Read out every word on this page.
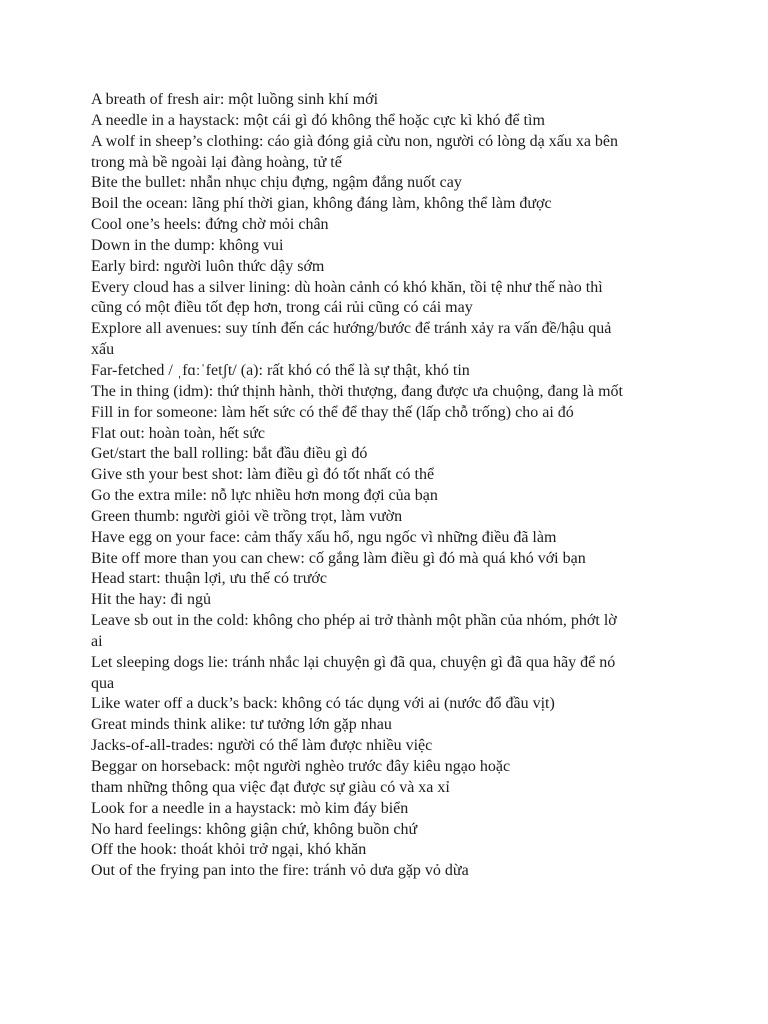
A breath of fresh air: một luồng sinh khí mới
A needle in a haystack: một cái gì đó không thể hoặc cực kì khó để tìm
A wolf in sheep’s clothing: cáo già đóng giả cừu non, người có lòng dạ xấu xa bên
trong mà bề ngoài lại đàng hoàng, tử tế
Bite the bullet: nhẫn nhục chịu đựng, ngậm đắng nuốt cay
Boil the ocean: lãng phí thời gian, không đáng làm, không thể làm được
Cool one’s heels: đứng chờ mỏi chân
Down in the dump: không vui
Early bird: người luôn thức dậy sớm
Every cloud has a silver lining: dù hoàn cảnh có khó khăn, tồi tệ như thế nào thì
cũng có một điều tốt đẹp hơn, trong cái rủi cũng có cái may
Explore all avenues: suy tính đến các hướng/bước để tránh xảy ra vấn đề/hậu quả
xấu
Far-fetched / ˌfɑːˈfetʃt/ (a): rất khó có thể là sự thật, khó tin
The in thing (idm): thứ thịnh hành, thời thượng, đang được ưa chuộng, đang là mốt
Fill in for someone: làm hết sức có thể để thay thế (lấp chỗ trống) cho ai đó
Flat out: hoàn toàn, hết sức
Get/start the ball rolling: bắt đầu điều gì đó
Give sth your best shot: làm điều gì đó tốt nhất có thể
Go the extra mile: nỗ lực nhiều hơn mong đợi của bạn
Green thumb: người giỏi về trồng trọt, làm vườn
Have egg on your face: cảm thấy xấu hổ, ngu ngốc vì những điều đã làm
Bite off more than you can chew: cố gắng làm điều gì đó mà quá khó với bạn
Head start: thuận lợi, ưu thế có trước
Hit the hay: đi ngủ
Leave sb out in the cold: không cho phép ai trở thành một phần của nhóm, phớt lờ
ai
Let sleeping dogs lie: tránh nhắc lại chuyện gì đã qua, chuyện gì đã qua hãy để nó
qua
Like water off a duck’s back: không có tác dụng với ai (nước đổ đầu vịt)
Great minds think alike: tư tưởng lớn gặp nhau
Jacks-of-all-trades: người có thể làm được nhiều việc
Beggar on horseback: một người nghèo trước đây kiêu ngạo hoặc
tham những thông qua việc đạt được sự giàu có và xa xỉ
Look for a needle in a haystack: mò kim đáy biển
No hard feelings: không giận chứ, không buồn chứ
Off the hook: thoát khỏi trở ngại, khó khăn
Out of the frying pan into the fire: tránh vỏ dưa gặp vỏ dừa
